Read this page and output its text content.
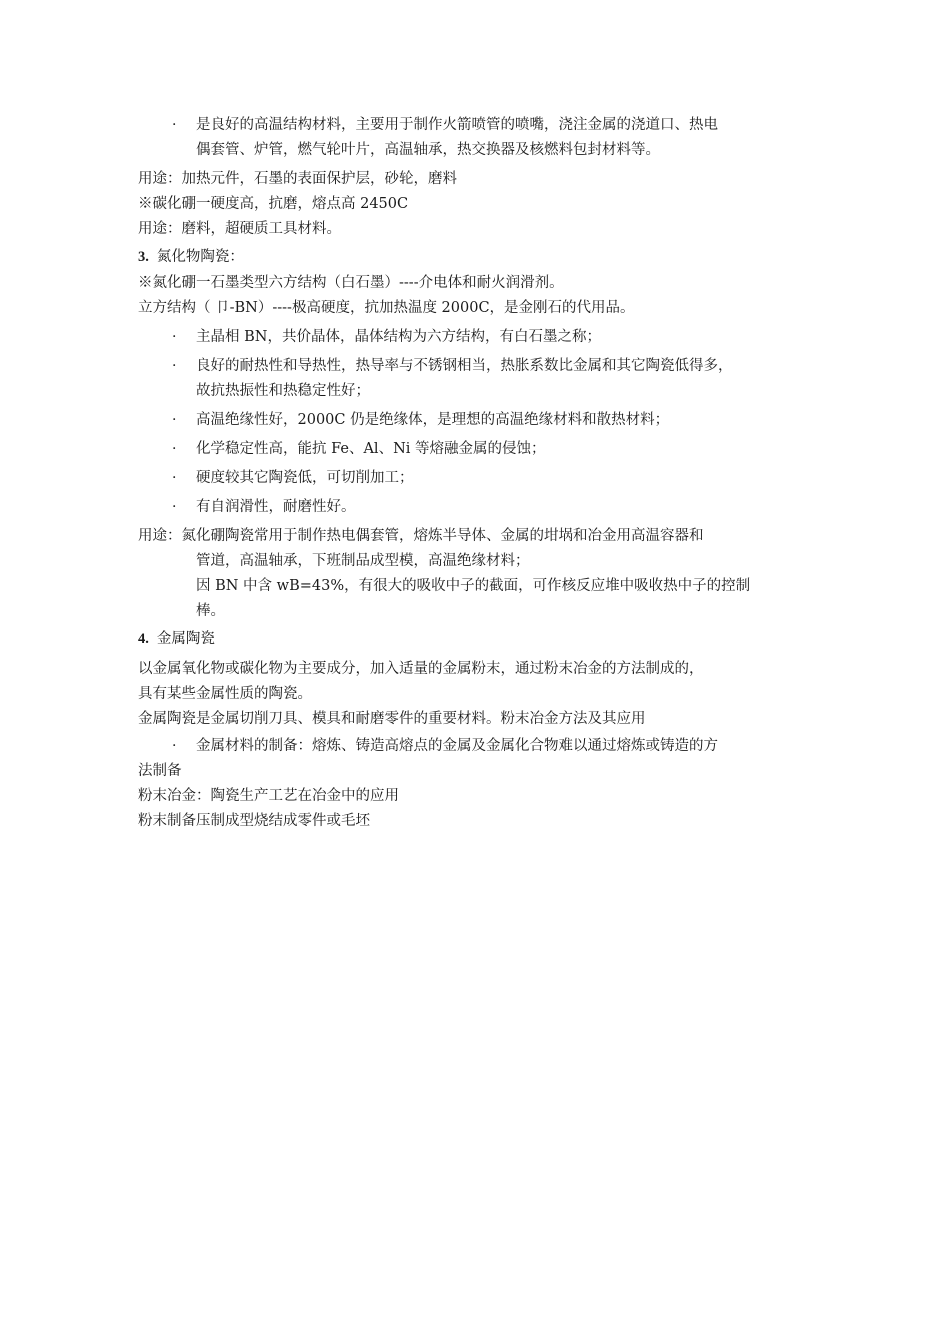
·	是良好的高温结构材料，主要用于制作火箭喷管的喷嘴，浇注金属的浇道口、热电
偶套管、炉管，燃气轮叶片，高温轴承，热交换器及核燃料包封材料等。

用途：加热元件，石墨的表面保护层，砂轮，磨料

※碳化硼一硬度高，抗磨，熔点高 2450C

用途：磨料，超硬质工具材料。

3. 氮化物陶瓷：

※氮化硼一石墨类型六方结构（白石墨）----介电体和耐火润滑剂。

立方结构（ 卩-BN）----极高硬度，抗加热温度 2000C，是金刚石的代用品。

·	主晶相 BN，共价晶体，晶体结构为六方结构，有白石墨之称；
·	良好的耐热性和导热性，热导率与不锈钢相当，热胀系数比金属和其它陶瓷低得多，
故抗热振性和热稳定性好；
·	高温绝缘性好，2000C 仍是绝缘体，是理想的高温绝缘材料和散热材料；
·	化学稳定性高，能抗 Fe、Al、Ni 等熔融金属的侵蚀；
·	硬度较其它陶瓷低，可切削加工；
·	有自润滑性，耐磨性好。

用途：氮化硼陶瓷常用于制作热电偶套管，熔炼半导体、金属的坩埚和冶金用高温容器和

管道，高温轴承，下班制品成型模，高温绝缘材料；
因 BN 中含 wB=43%，有很大的吸收中子的截面，可作核反应堆中吸收热中子的控制
棒。
4. 金属陶瓷

以金属氧化物或碳化物为主要成分，加入适量的金属粉末，通过粉末冶金的方法制成的，

具有某些金属性质的陶瓷。

金属陶瓷是金属切削刀具、模具和耐磨零件的重要材料。粉末冶金方法及其应用

· 金属材料的制备：熔炼、铸造高熔点的金属及金属化合物难以通过熔炼或铸造的方

法制备

粉末冶金：陶瓷生产工艺在冶金中的应用

粉末制备压制成型烧结成零件或毛坯
